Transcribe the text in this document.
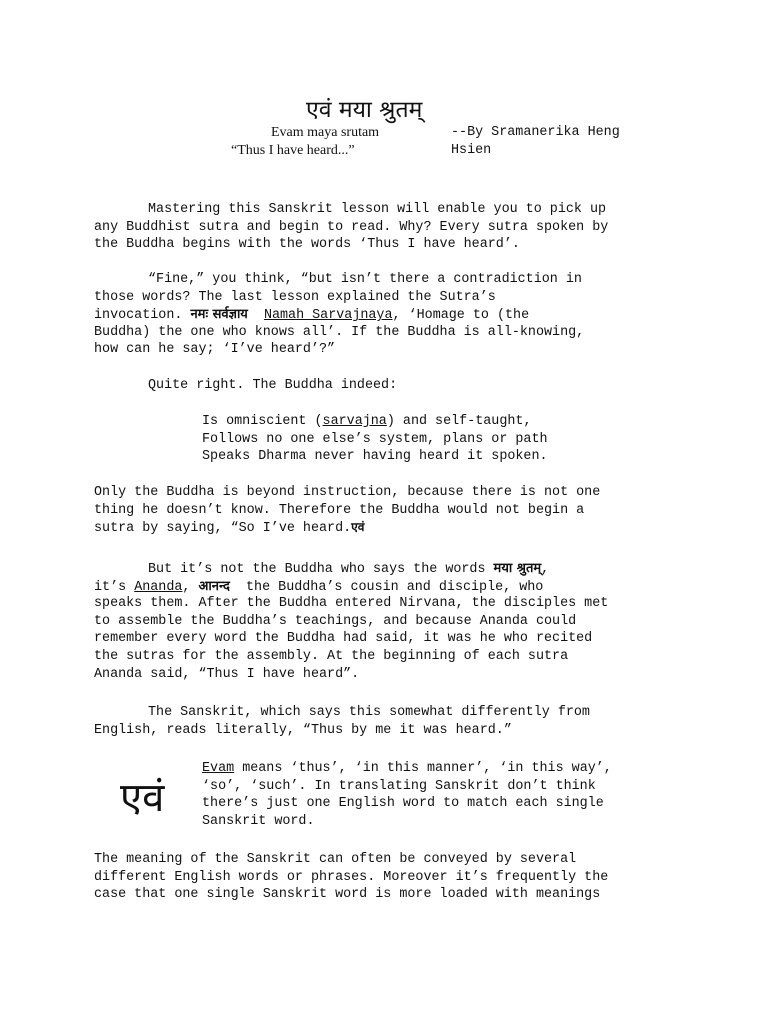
एवं मया श्रुतम्
Evam maya srutam
“Thus I have heard...”
--By Sramanerika Heng
Hsien
Mastering this Sanskrit lesson will enable you to pick up
any Buddhist sutra and begin to read. Why? Every sutra spoken by
the Buddha begins with the words ‘Thus I have heard’.
“Fine,” you think, “but isn’t there a contradiction in
those words? The last lesson explained the Sutra’s
invocation. नमः सर्वज्ञाय Namah Sarvajnaya, ‘Homage to (the
Buddha) the one who knows all’. If the Buddha is all-knowing,
how can he say; ‘I’ve heard’?”
Quite right. The Buddha indeed:
Is omniscient (sarvajna) and self-taught,
Follows no one else’s system, plans or path
Speaks Dharma never having heard it spoken.
Only the Buddha is beyond instruction, because there is not one
thing he doesn’t know. Therefore the Buddha would not begin a
sutra by saying, “So I’ve heard.एवं
But it’s not the Buddha who says the words मया श्रुतम्,
it’s Ananda, आनन्द the Buddha’s cousin and disciple, who
speaks them. After the Buddha entered Nirvana, the disciples met
to assemble the Buddha’s teachings, and because Ananda could
remember every word the Buddha had said, it was he who recited
the sutras for the assembly. At the beginning of each sutra
Ananda said, “Thus I have heard”.
The Sanskrit, which says this somewhat differently from
English, reads literally, “Thus by me it was heard.”
एवं
Evam means ‘thus’, ‘in this manner’, ‘in this way’,
‘so’, ‘such’. In translating Sanskrit don’t think
there’s just one English word to match each single
Sanskrit word.
The meaning of the Sanskrit can often be conveyed by several
different English words or phrases. Moreover it’s frequently the
case that one single Sanskrit word is more loaded with meanings
